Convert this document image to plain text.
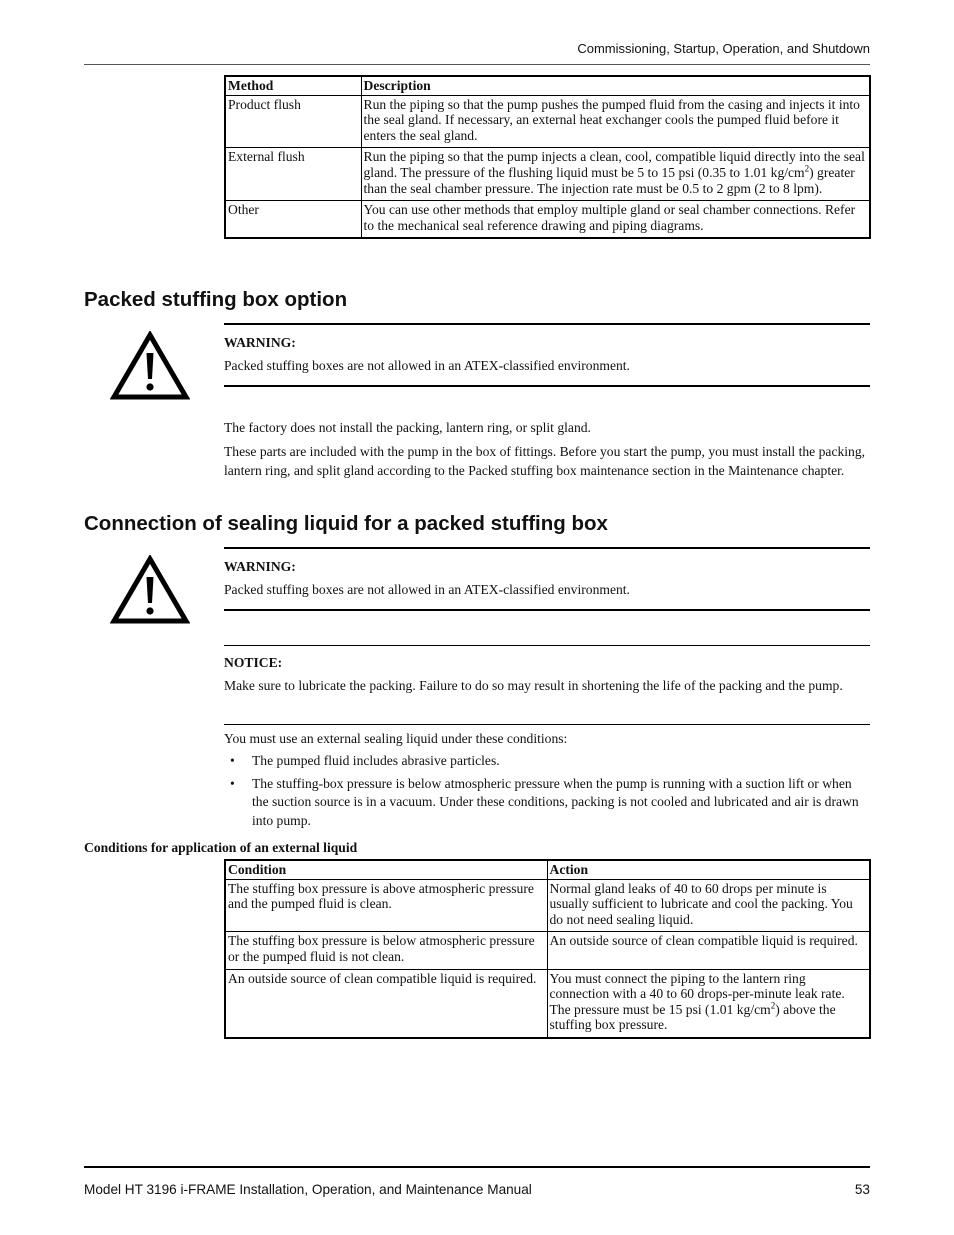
Commissioning, Startup, Operation, and Shutdown
Method	Description
Product flush	Run the piping so that the pump pushes the pumped fluid from the casing and injects it into the seal gland. If necessary, an external heat exchanger cools the pumped fluid before it enters the seal gland.
External flush	Run the piping so that the pump injects a clean, cool, compatible liquid directly into the seal gland. The pressure of the flushing liquid must be 5 to 15 psi (0.35 to 1.01 $kg/cm^2$) greater than the seal chamber pressure. The injection rate must be 0.5 to 2 gpm (2 to 8 lpm).
Other	You can use other methods that employ multiple gland or seal chamber connections. Refer to the mechanical seal reference drawing and piping diagrams.
Packed stuffing box option
WARNING:
Packed stuffing boxes are not allowed in an ATEX-classified environment.

The factory does not install the packing, lantern ring, or split gland.

These parts are included with the pump in the box of fittings. Before you start the pump, you must install the packing, lantern ring, and split gland according to the Packed stuffing box maintenance section in the Maintenance chapter.

Connection of sealing liquid for a packed stuffing box
WARNING:
Packed stuffing boxes are not allowed in an ATEX-classified environment.
NOTICE:

Make sure to lubricate the packing. Failure to do so may result in shortening the life of the packing and the pump.

You must use an external sealing liquid under these conditions:

• The pumped fluid includes abrasive particles.
• The stuffing-box pressure is below atmospheric pressure when the pump is running with a suction lift or when the suction source is in a vacuum. Under these conditions, packing is not cooled and lubricated and air is drawn into pump.
Conditions for application of an external liquid
Condition	Action
The stuffing box pressure is above atmospheric pressure and the pumped fluid is clean.	Normal gland leaks of 40 to 60 drops per minute is usually sufficient to lubricate and cool the packing. You do not need sealing liquid.
The stuffing box pressure is below atmospheric pressure or the pumped fluid is not clean.	An outside source of clean compatible liquid is required.
An outside source of clean compatible liquid is required.	You must connect the piping to the lantern ring connection with a 40 to 60 drops-per-minute leak rate. The pressure must be 15 psi (1.01 $kg/cm^2$) above the stuffing box pressure.
Model HT 3196 i-FRAME Installation, Operation, and Maintenance Manual	53
